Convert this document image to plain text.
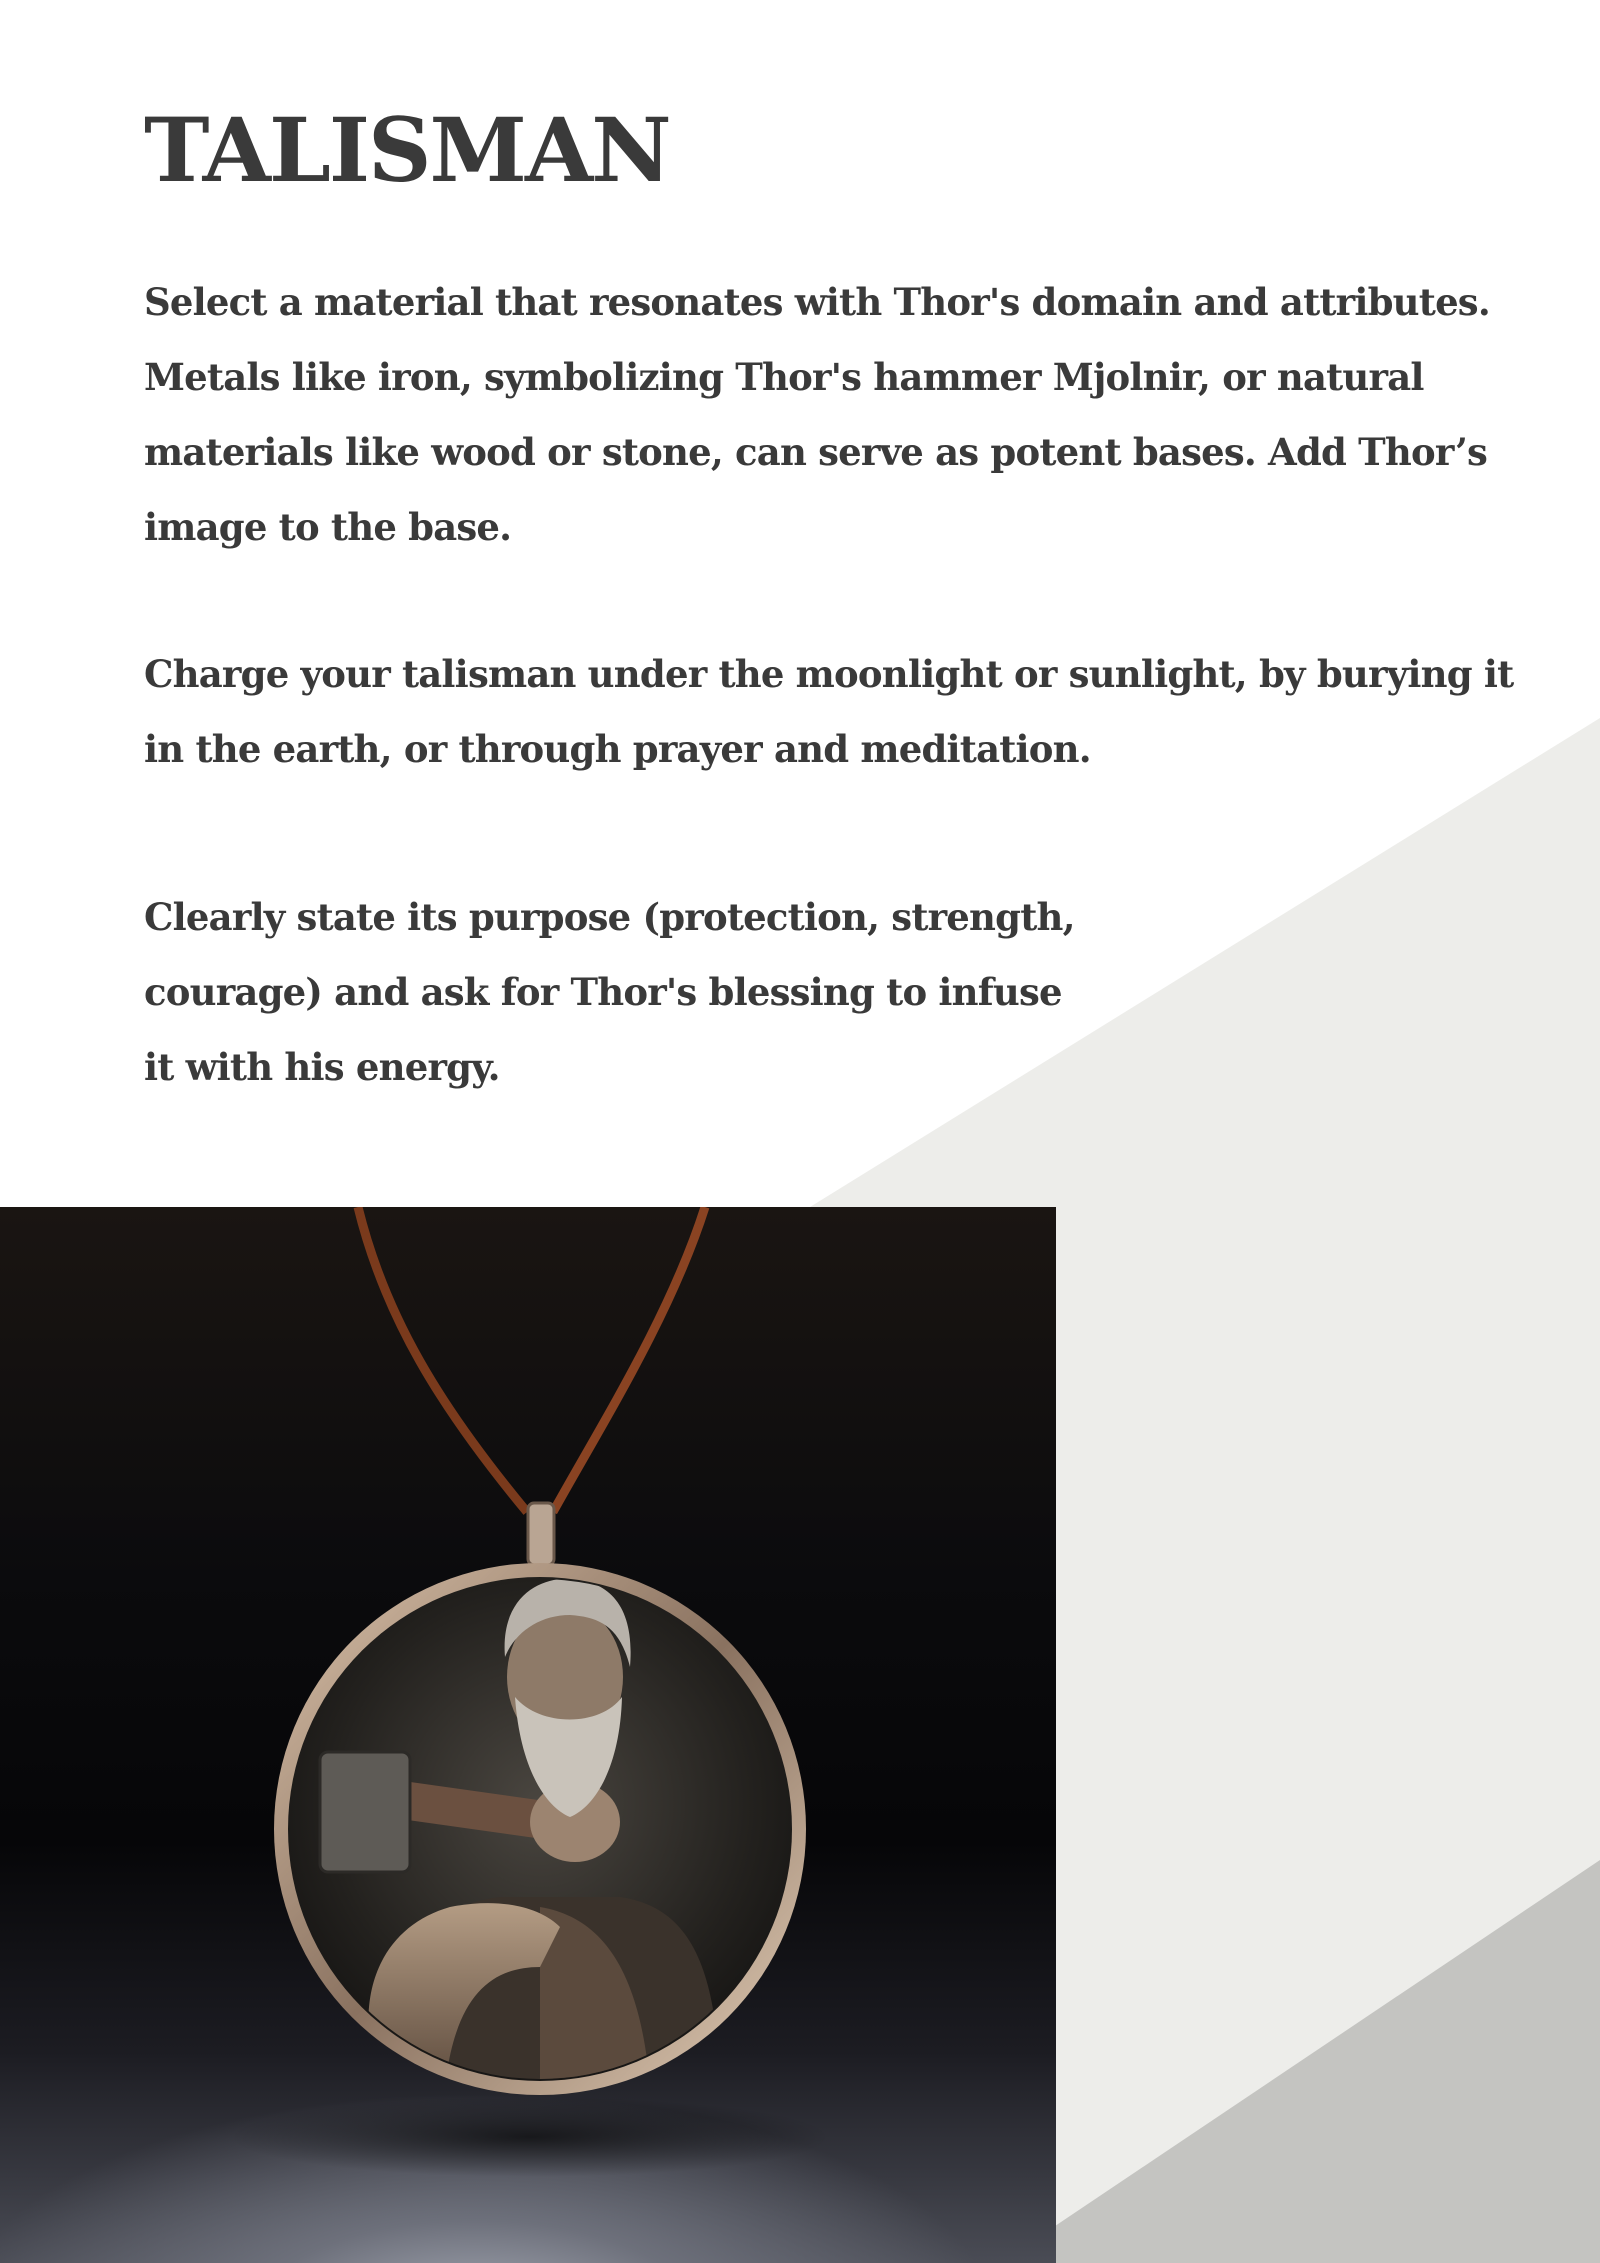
TALISMAN

Select a material that resonates with Thor's domain and attributes. Metals like iron, symbolizing Thor's hammer Mjolnir, or natural materials like wood or stone, can serve as potent bases. Add Thor’s image to the base.

Charge your talisman under the moonlight or sunlight, by burying it in the earth, or through prayer and meditation.

Clearly state its purpose (protection, strength, courage) and ask for Thor's blessing to infuse it with his energy.
